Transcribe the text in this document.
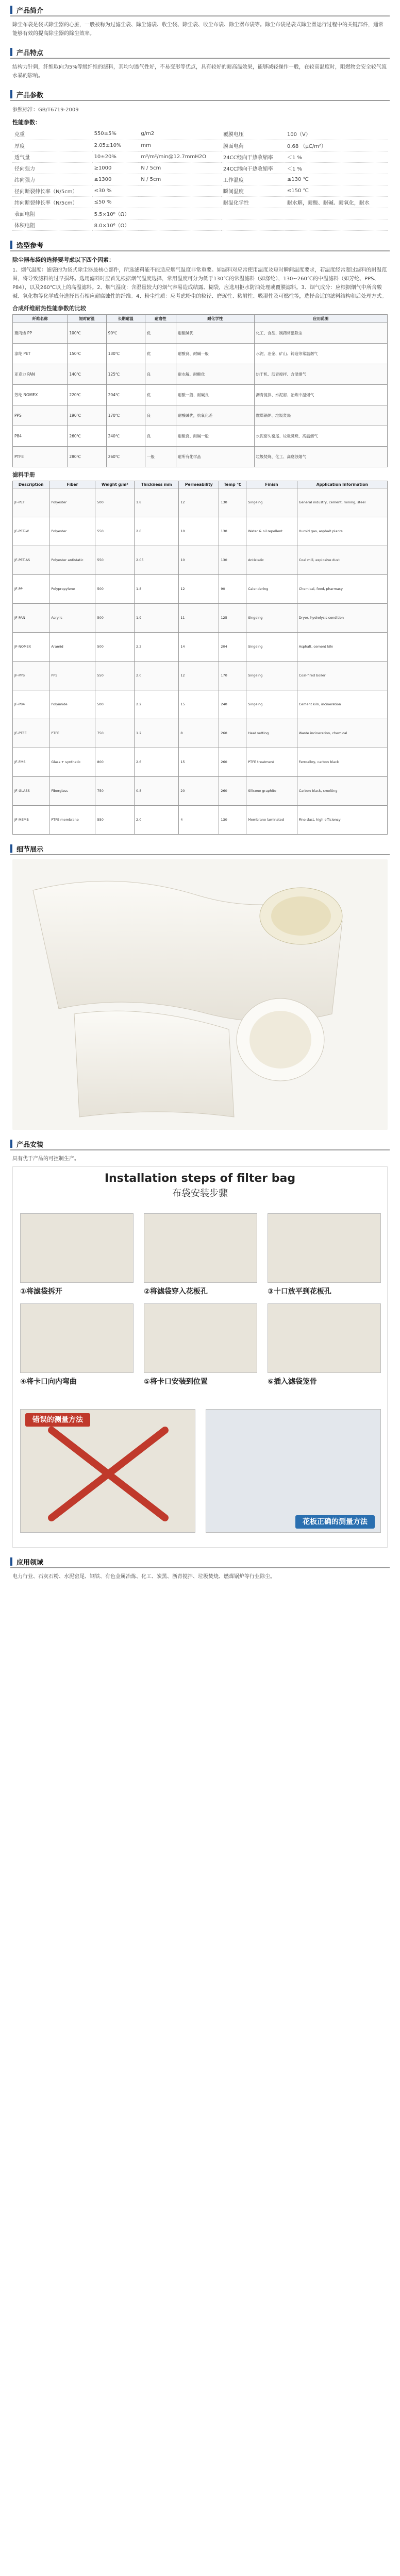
产品简介
除尘布袋是袋式除尘器的心脏，一般被称为过滤尘袋、除尘滤袋、收尘袋、除尘袋、收尘布袋、除尘器布袋等。除尘布袋是袋式除尘器运行过程中的关键部件，通常能够有效的提高除尘器的除尘效率。
产品特点
结构力针刺，纤维取向为5%等级纤维的滤料，其均匀透气性好，不易变形等优点，具有较好的耐高温效果，能够减轻操作一般，在较高温度时，阻燃物会安全较气流水暴的影响。
产品参数
参照标准：GB/T6719-2009
性能参数：
克重	550±5%	g/m2	覆膜电压	100（V）
厚度	2.05±10%	mm	膜面电荷	0.68 （μC/m²）
透气量	10±20%	m³/m²/min@12.7mmH2O	24CC经向干热收缩率	＜1 %
径向强力	≥1000	N / 5cm	24CC纬向干热收缩率	＜1 %
纬向强力	≥1300	N / 5cm	工作温度	≤130 ℃
径向断裂伸长率（N/5cm）	≤30 %		瞬间温度	≤150 ℃
纬向断裂伸长率（N/5cm）	≤50 %		耐温化学性	耐水解，耐酸、耐碱、耐氧化，耐水
表面电阻	5.5×10⁸（Ω）			
体积电阻	8.0×10⁶（Ω）			
选型参考
除尘器布袋的选择要考虑以下四个因素：
1、烟气温度：滤袋的为袋式除尘器最核心部件，所选滤料能不能适应烟气温度非常重要。如滤料对应常使用温度及短时瞬间温度要求，若温度经常超过滤料的耐温范围，将导致滤料的过早损坏。选用滤料时应首先根据烟气温度选择，常用温度可分为低于130℃的常温滤料（如涤纶），130~260℃的中温滤料（如芳纶、PPS、P84），以及260℃以上的高温滤料。2、烟气湿度：含湿量较大的烟气容易造成结露、糊袋，应选用拒水防油处理或覆膜滤料。3、烟气成分：应根据烟气中所含酸碱、氧化物等化学成分选择具有相应耐腐蚀性的纤维。4、粉尘性质：应考虑粉尘的粒径、磨琢性、粘附性、吸湿性及可燃性等，选择合适的滤料结构和后处理方式。
合成纤维耐热性能参数的比较
纤维名称	短时耐温	长期耐温	耐磨性	耐化学性	应用范围
聚丙烯 PP	100℃	90℃	优	耐酸碱优	化工、食品、制药常温除尘
涤纶 PET	150℃	130℃	优	耐酸良、耐碱一般	水泥、冶金、矿山、铸造等常温烟气
亚克力 PAN	140℃	125℃	良	耐水解、耐酸优	烘干机、沥青搅拌、含湿烟气
芳纶 NOMEX	220℃	204℃	优	耐酸一般、耐碱良	沥青搅拌、水泥窑、冶炼中温烟气
PPS	190℃	170℃	良	耐酸碱优，抗氧化差	燃煤锅炉、垃圾焚烧
P84	260℃	240℃	良	耐酸良、耐碱一般	水泥窑头窑尾、垃圾焚烧、高温烟气
PTFE	280℃	260℃	一般	耐所有化学品	垃圾焚烧、化工、高腐蚀烟气
滤料手册
Description	Fiber	Weight g/m²	Thickness mm	Permeability	Temp ℃	Finish	Application Information
JF-PET	Polyester	500	1.8	12	130	Singeing	General industry, cement, mining, steel
JF-PET-W	Polyester	550	2.0	10	130	Water & oil repellent	Humid gas, asphalt plants
JF-PET-AS	Polyester antistatic	550	2.05	10	130	Antistatic	Coal mill, explosive dust
JF-PP	Polypropylene	500	1.8	12	90	Calendering	Chemical, food, pharmacy
JF-PAN	Acrylic	500	1.9	11	125	Singeing	Dryer, hydrolysis condition
JF-NOMEX	Aramid	500	2.2	14	204	Singeing	Asphalt, cement kiln
JF-PPS	PPS	550	2.0	12	170	Singeing	Coal-fired boiler
JF-P84	Polyimide	500	2.2	15	240	Singeing	Cement kiln, incineration
JF-PTFE	PTFE	750	1.2	8	260	Heat setting	Waste incineration, chemical
JF-FMS	Glass + synthetic	800	2.6	15	260	PTFE treatment	Ferroalloy, carbon black
JF-GLASS	Fiberglass	750	0.8	20	260	Silicone graphite	Carbon black, smelting
JF-MEMB	PTFE membrane	550	2.0	4	130	Membrane laminated	Fine dust, high efficiency
细节展示
产品安装
具有优于产品的可控制生产。
Installation steps of filter bag
布袋安装步骤
①将滤袋拆开	②将滤袋穿入花板孔	③十口放平到花板孔
④将卡口向内弯曲	⑤将卡口安装到位置	⑥插入滤袋笼骨
错误的测量方法
花板正确的测量方法
应用领域
电力行业、石灰石粉、水泥窑尾、钢铁、有色金属冶炼、化工、炭黑、沥青搅拌、垃圾焚烧、燃煤锅炉等行业除尘。
